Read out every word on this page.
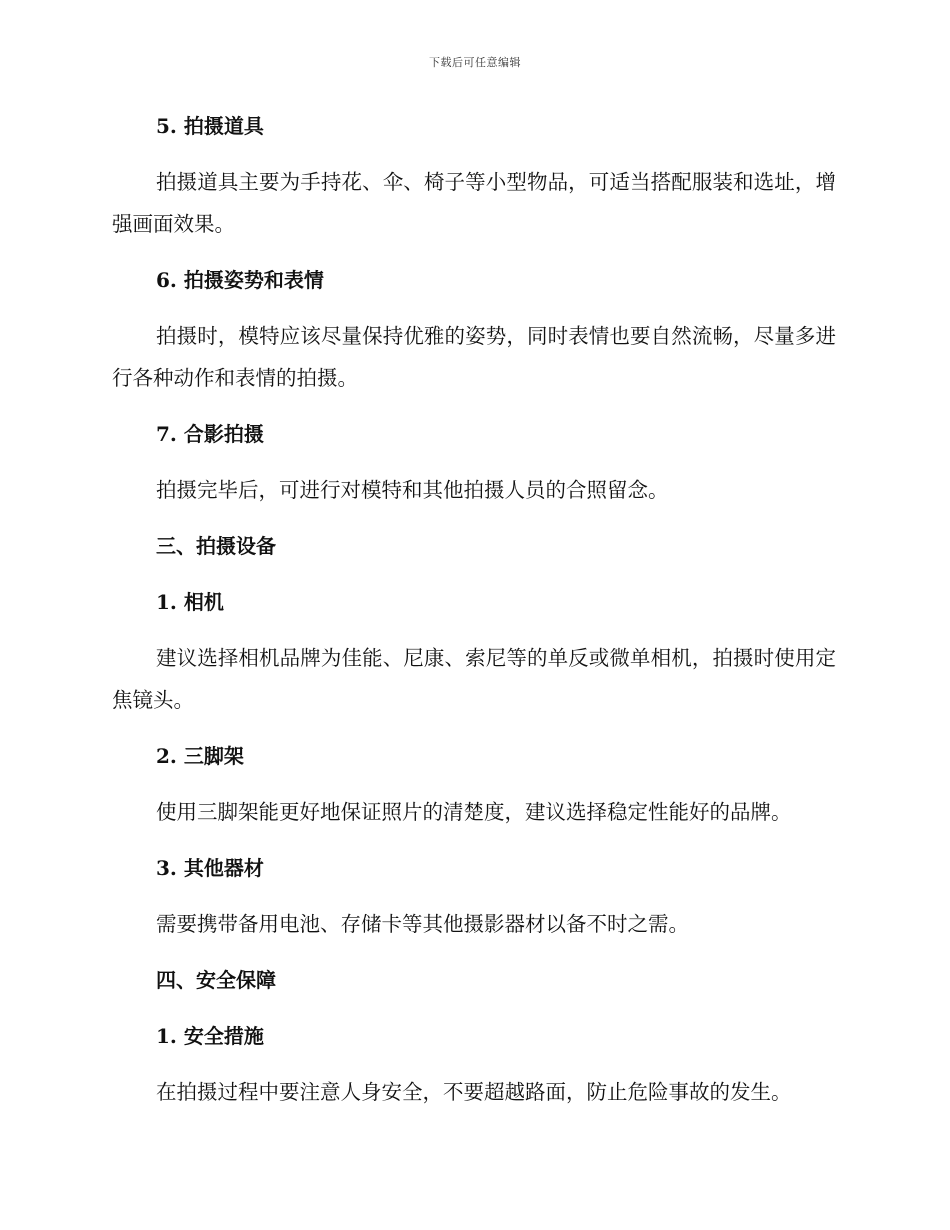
下载后可任意编辑
5. 拍摄道具

拍摄道具主要为手持花、伞、椅子等小型物品，可适当搭配服装和选址，增强画面效果。

6. 拍摄姿势和表情

拍摄时，模特应该尽量保持优雅的姿势，同时表情也要自然流畅，尽量多进行各种动作和表情的拍摄。

7. 合影拍摄

拍摄完毕后，可进行对模特和其他拍摄人员的合照留念。

三、拍摄设备
1. 相机

建议选择相机品牌为佳能、尼康、索尼等的单反或微单相机，拍摄时使用定焦镜头。

2. 三脚架

使用三脚架能更好地保证照片的清楚度，建议选择稳定性能好的品牌。

3. 其他器材

需要携带备用电池、存储卡等其他摄影器材以备不时之需。

四、安全保障
1. 安全措施

在拍摄过程中要注意人身安全，不要超越路面，防止危险事故的发生。
